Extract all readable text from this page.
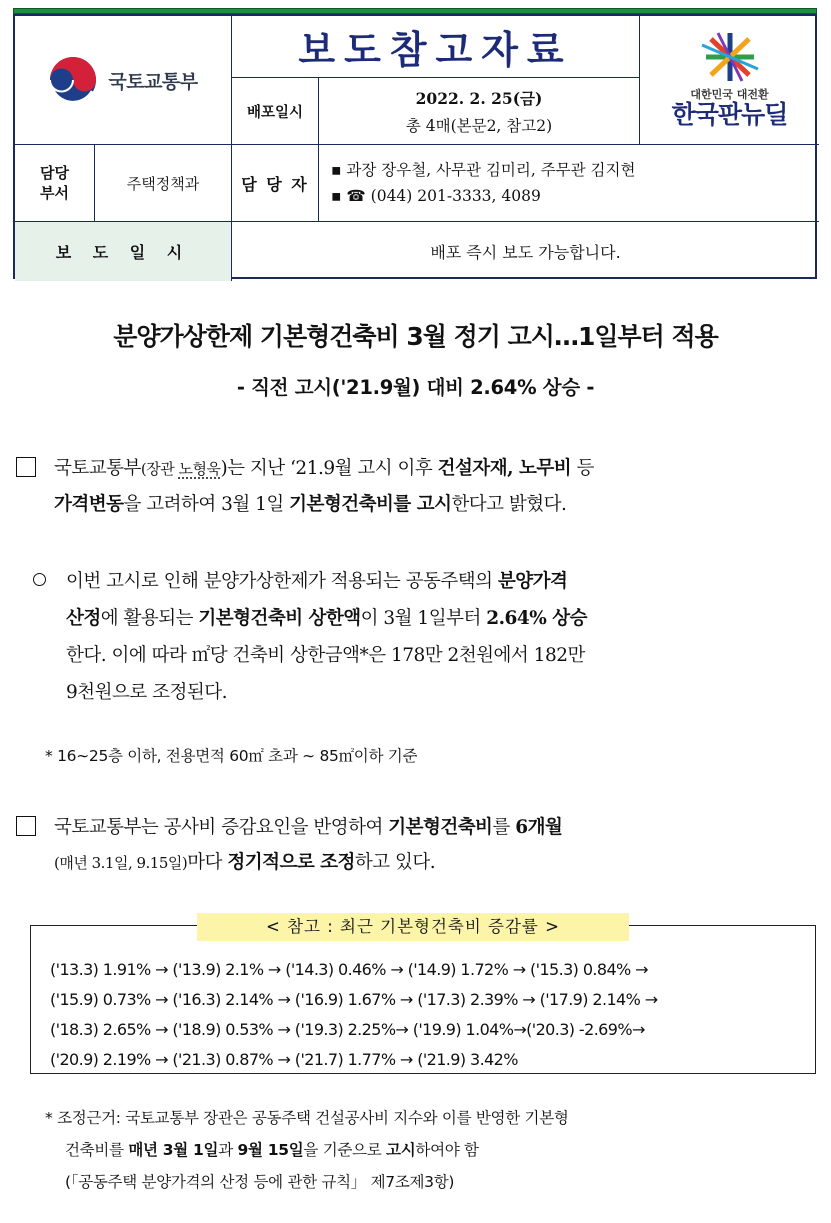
국토교통부
보도참고자료
배포일시
2022. 2. 25(금)
총 4매(본문2, 참고2)
대한민국 대전환
한국판뉴딜
담당
부서
주택정책과	담 당 자
▪ 과장 장우철, 사무관 김미리, 주무관 김지현
▪ ☎ (044) 201-3333, 4089
보 도 일 시	배포 즉시 보도 가능합니다.
분양가상한제 기본형건축비 3월 정기 고시…1일부터 적용
- 직전 고시('21.9월) 대비 2.64% 상승 -
국토교통부(장관 노형욱)는 지난 ‘21.9월 고시 이후 건설자재, 노무비 등
가격변동을 고려하여 3월 1일 기본형건축비를 고시한다고 밝혔다.
이번 고시로 인해 분양가상한제가 적용되는 공동주택의 분양가격
산정에 활용되는 기본형건축비 상한액이 3월 1일부터 2.64% 상승
한다. 이에 따라 ㎡당 건축비 상한금액*은 178만 2천원에서 182만
9천원으로 조정된다.
* 16∼25층 이하, 전용면적 60㎡ 초과 ∼ 85㎡이하 기준
국토교통부는 공사비 증감요인을 반영하여 기본형건축비를 6개월
(매년 3.1일, 9.15일)마다 정기적으로 조정하고 있다.
< 참고 : 최근 기본형건축비 증감률 >
('13.3) 1.91% → ('13.9) 2.1% → ('14.3) 0.46% → ('14.9) 1.72% → ('15.3) 0.84% →
('15.9) 0.73% → ('16.3) 2.14% → ('16.9) 1.67% → ('17.3) 2.39% → ('17.9) 2.14% →
('18.3) 2.65% → ('18.9) 0.53% → ('19.3) 2.25%→ ('19.9) 1.04%→('20.3) -2.69%→
('20.9) 2.19% → ('21.3) 0.87% → ('21.7) 1.77% → ('21.9) 3.42%
* 조정근거: 국토교통부 장관은 공동주택 건설공사비 지수와 이를 반영한 기본형
건축비를 매년 3월 1일과 9월 15일을 기준으로 고시하여야 함
(「공동주택 분양가격의 산정 등에 관한 규칙」 제7조제3항)
